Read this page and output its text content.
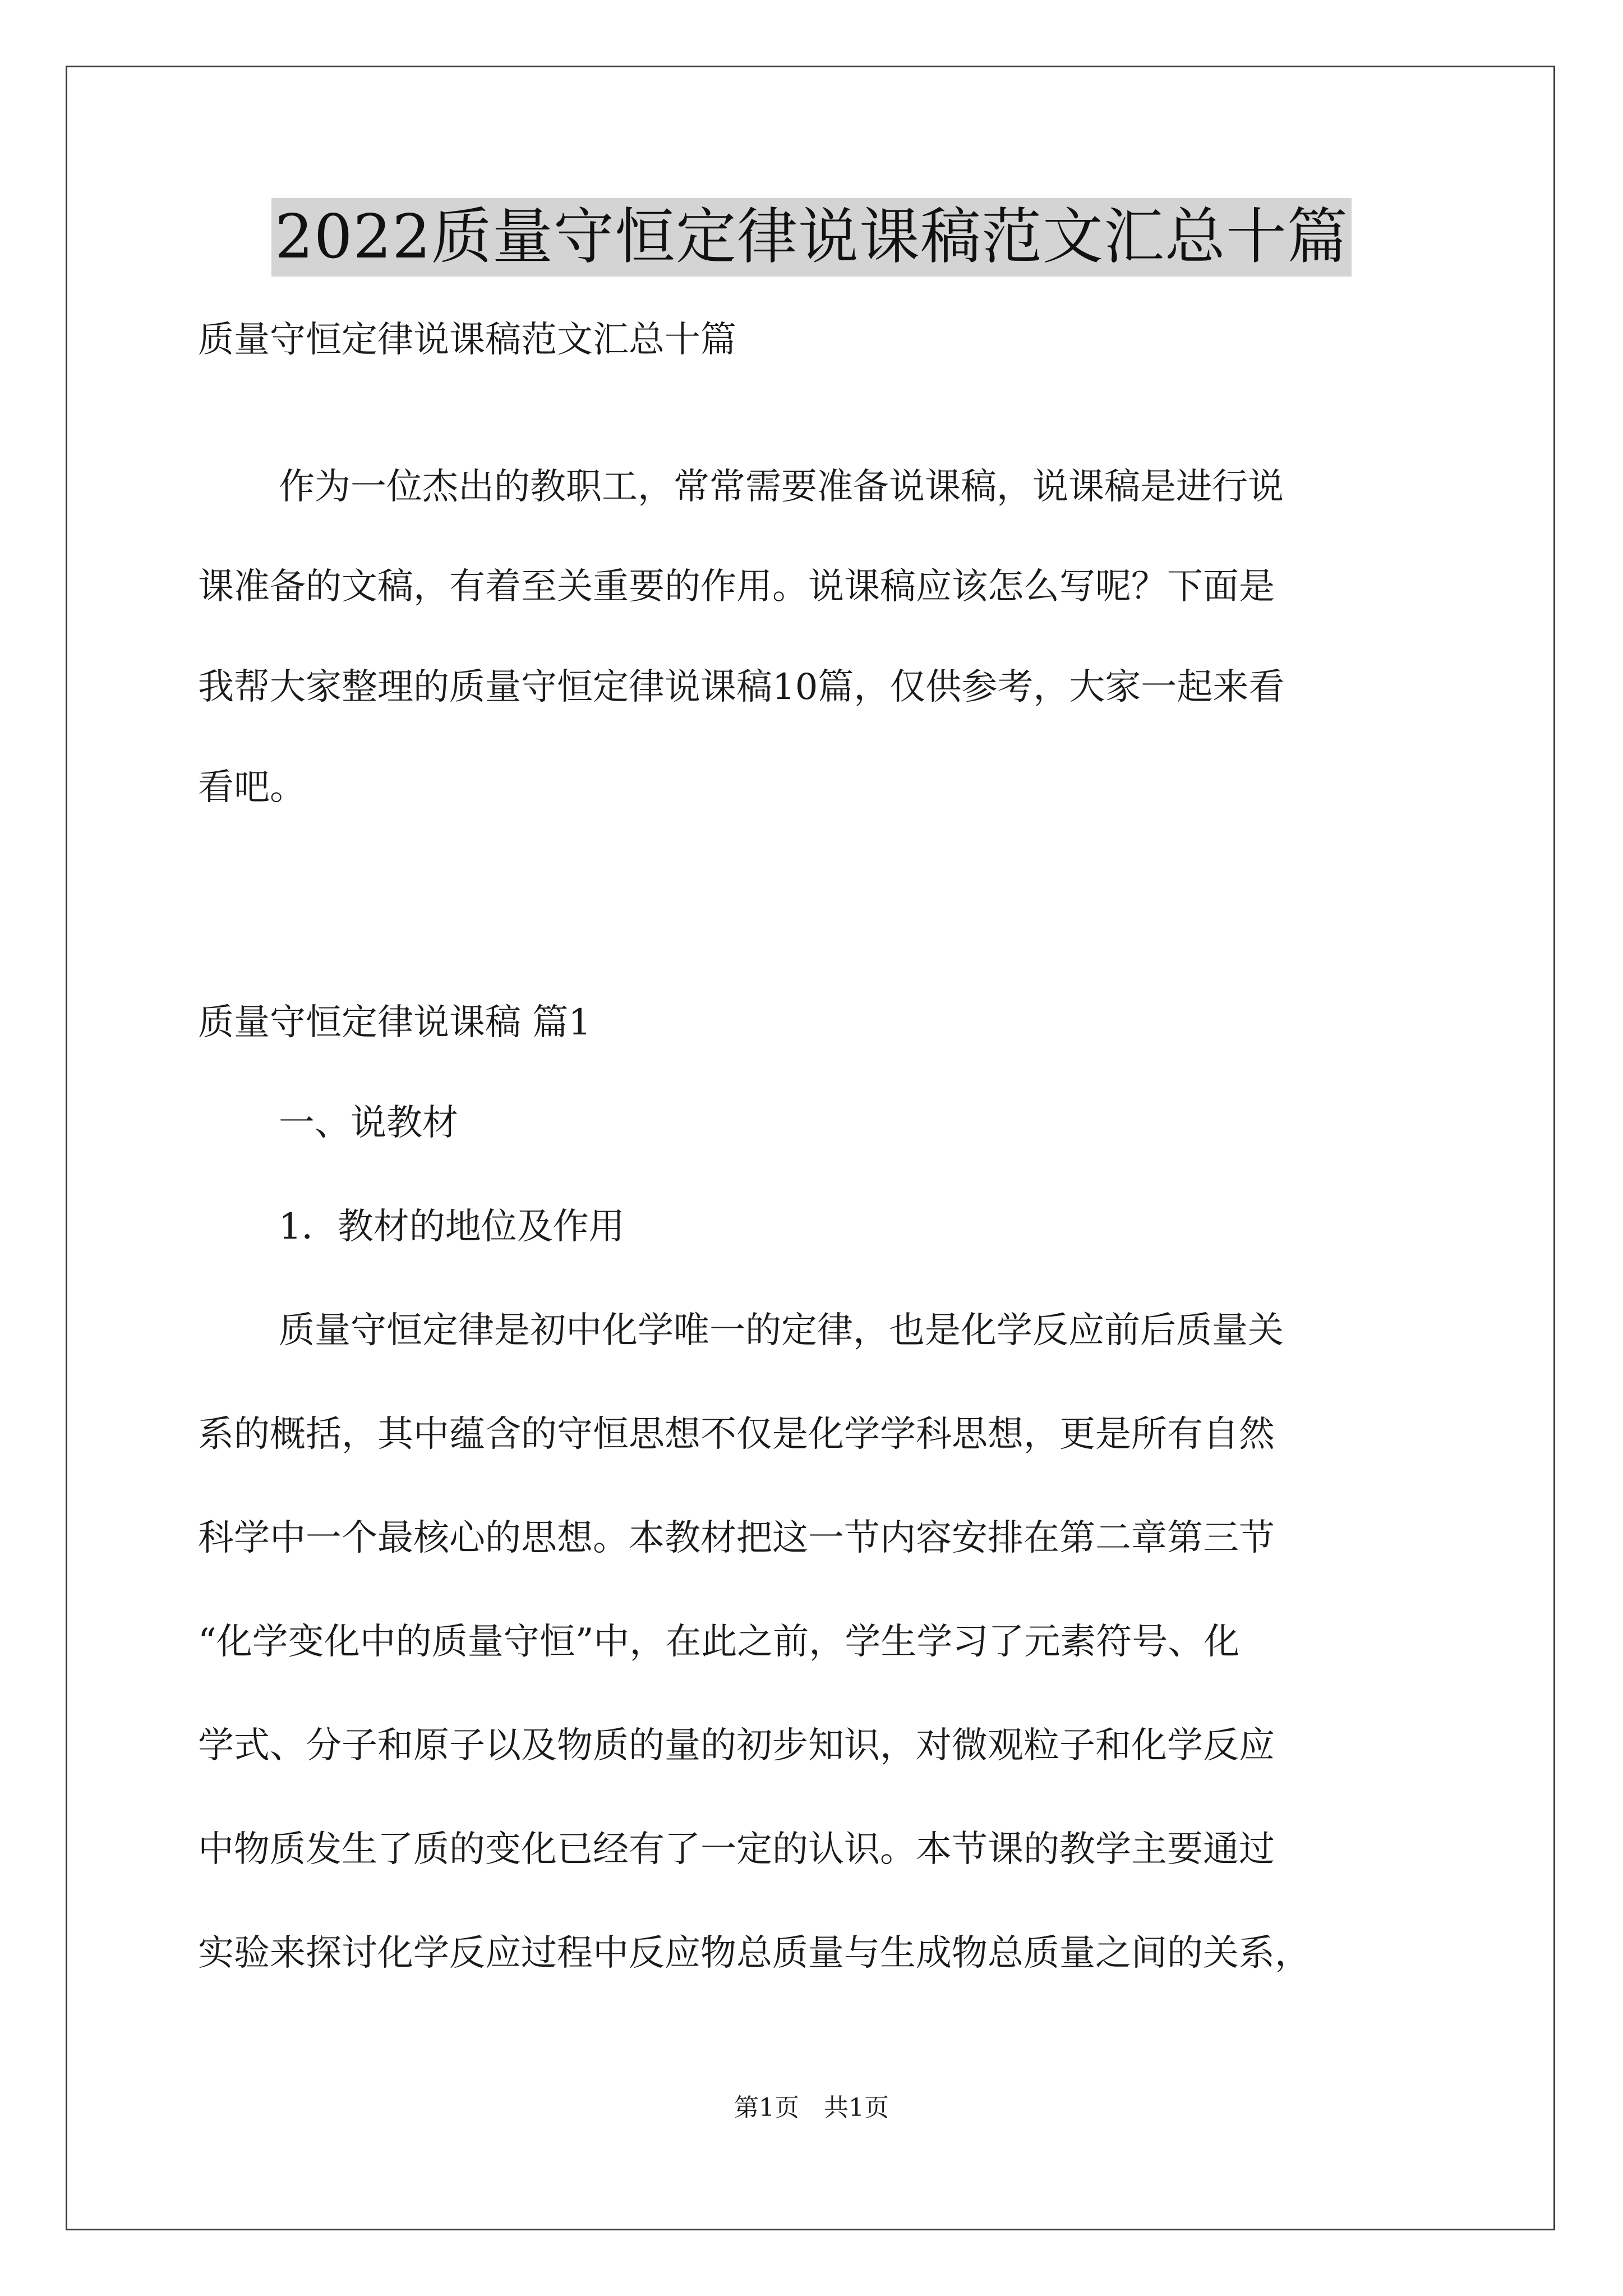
2022质量守恒定律说课稿范文汇总十篇
质量守恒定律说课稿范文汇总十篇
作为一位杰出的教职工，常常需要准备说课稿，说课稿是进行说
课准备的文稿，有着至关重要的作用。说课稿应该怎么写呢？下面是
我帮大家整理的质量守恒定律说课稿10篇，仅供参考，大家一起来看
看吧。
质量守恒定律说课稿 篇1
一、说教材
1．教材的地位及作用
质量守恒定律是初中化学唯一的定律，也是化学反应前后质量关
系的概括，其中蕴含的守恒思想不仅是化学学科思想，更是所有自然
科学中一个最核心的思想。本教材把这一节内容安排在第二章第三节
“化学变化中的质量守恒”中，在此之前，学生学习了元素符号、化
学式、分子和原子以及物质的量的初步知识，对微观粒子和化学反应
中物质发生了质的变化已经有了一定的认识。本节课的教学主要通过
实验来探讨化学反应过程中反应物总质量与生成物总质量之间的关系，
第1页　共1页
